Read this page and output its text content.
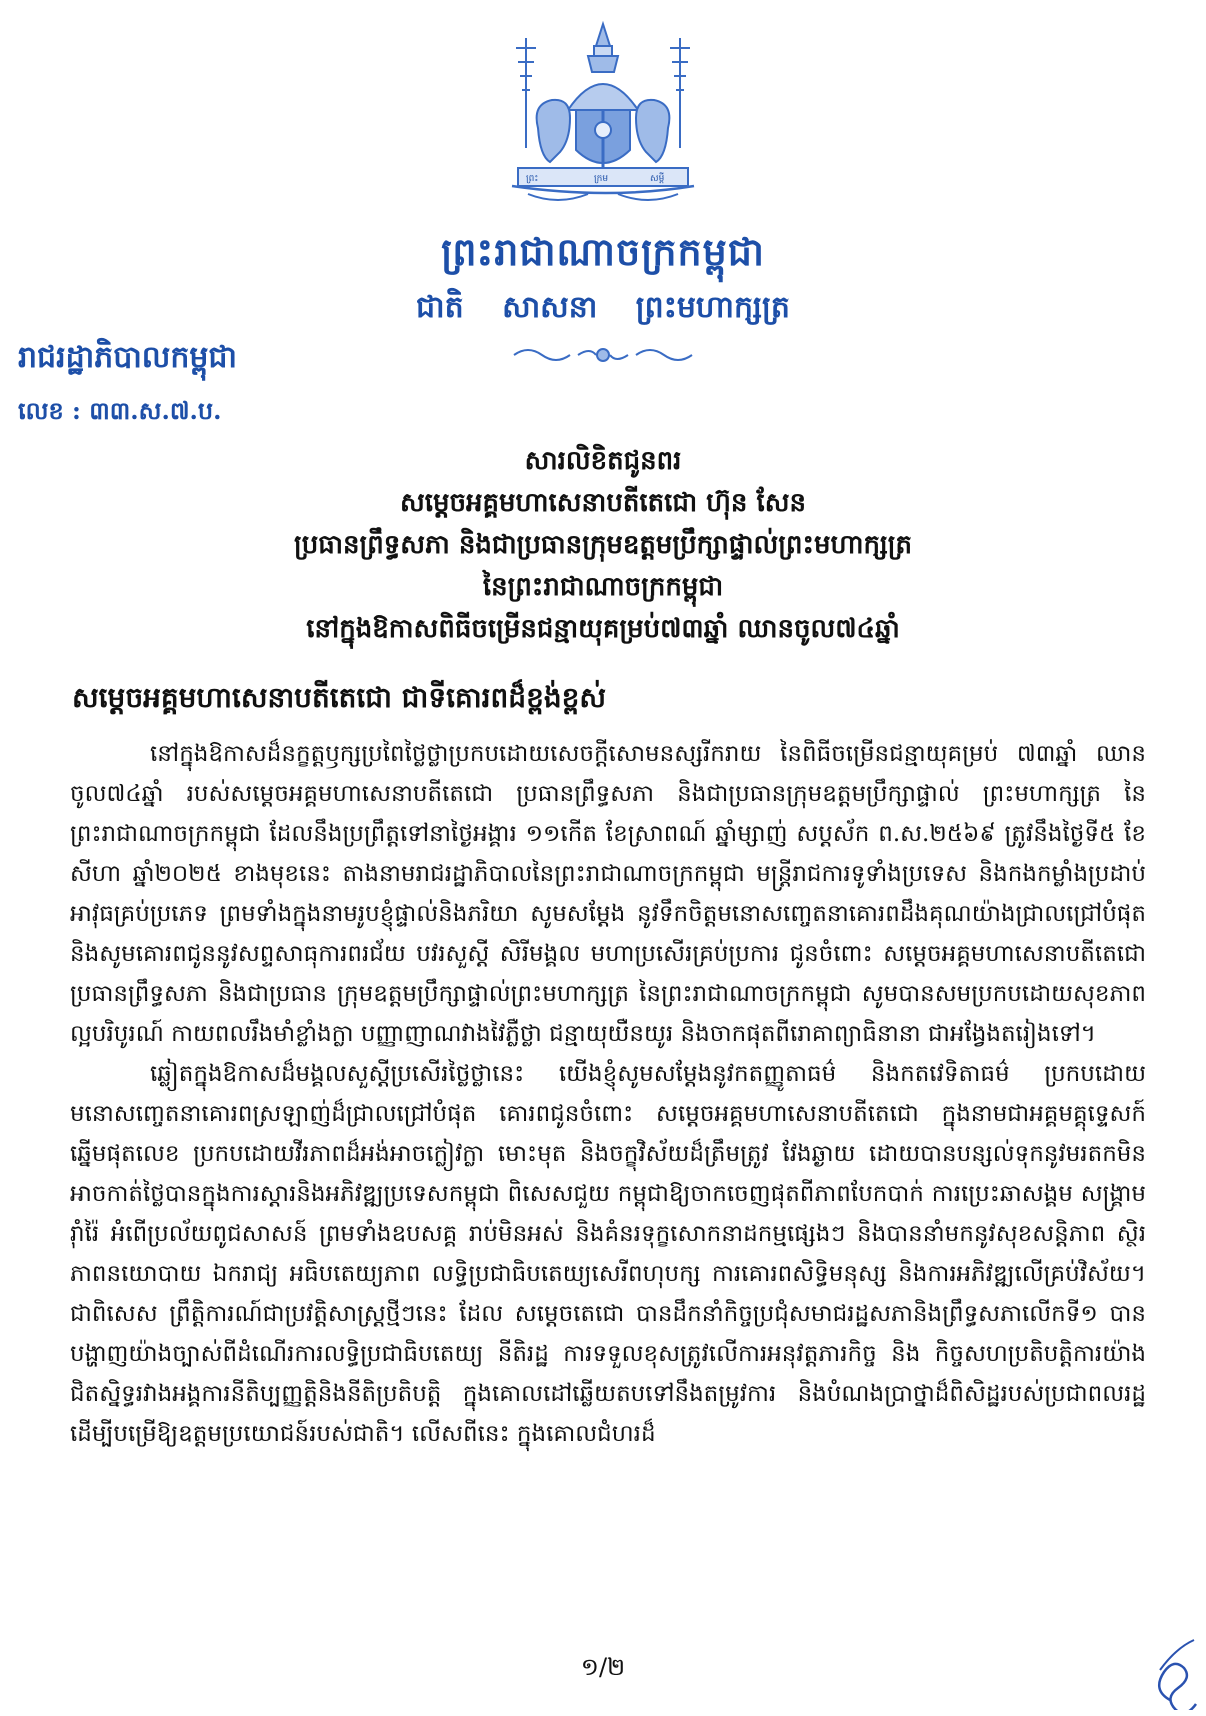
ព្រះ	ក្រម	សម្ដី
ព្រះរាជាណាចក្រកម្ពុជា
ជាតិ សាសនា ព្រះមហាក្សត្រ
រាជរដ្ឋាភិបាលកម្ពុជា
លេខ : ៣៣.ស.៧.ប.
សារលិខិតជូនពរ
សម្ដេចអគ្គមហាសេនាបតីតេជោ ហ៊ុន សែន
ប្រធានព្រឹទ្ធសភា និងជាប្រធានក្រុមឧត្តមប្រឹក្សាផ្ទាល់ព្រះមហាក្សត្រ
នៃព្រះរាជាណាចក្រកម្ពុជា
នៅក្នុងឱកាសពិធីចម្រើនជន្មាយុគម្រប់៧៣ឆ្នាំ ឈានចូល៧៤ឆ្នាំ
សម្ដេចអគ្គមហាសេនាបតីតេជោ ជាទីគោរពដ៏ខ្ពង់ខ្ពស់

នៅក្នុងឱកាសដ៏នក្ខត្តឫក្សប្រពៃថ្លៃថ្លាប្រកបដោយសេចក្ដីសោមនស្សរីករាយ នៃពិធីចម្រើនជន្មាយុគម្រប់ ៧៣ឆ្នាំ ឈានចូល៧៤ឆ្នាំ របស់សម្ដេចអគ្គមហាសេនាបតីតេជោ ប្រធានព្រឹទ្ធសភា និងជាប្រធានក្រុមឧត្តមប្រឹក្សាផ្ទាល់ ព្រះមហាក្សត្រ នៃព្រះរាជាណាចក្រកម្ពុជា ដែលនឹងប្រព្រឹត្តទៅនាថ្ងៃអង្គារ ១១កើត ខែស្រាពណ៍ ឆ្នាំម្សាញ់ សប្តស័ក ព.ស.២៥៦៩ ត្រូវនឹងថ្ងៃទី៥ ខែសីហា ឆ្នាំ២០២៥ ខាងមុខនេះ តាងនាមរាជរដ្ឋាភិបាលនៃព្រះរាជាណាចក្រកម្ពុជា មន្ត្រីរាជការទូទាំងប្រទេស និងកងកម្លាំងប្រដាប់អាវុធគ្រប់ប្រភេទ ព្រមទាំងក្នុងនាមរូបខ្ញុំផ្ទាល់និងភរិយា សូមសម្ដែង នូវទឹកចិត្តមនោសញ្ចេតនាគោរពដឹងគុណយ៉ាងជ្រាលជ្រៅបំផុត និងសូមគោរពជូននូវសព្ទសាធុការពរជ័យ បវរសួស្តី សិរីមង្គល មហាប្រសើរគ្រប់ប្រការ ជូនចំពោះ សម្ដេចអគ្គមហាសេនាបតីតេជោ ប្រធានព្រឹទ្ធសភា និងជាប្រធាន ក្រុមឧត្តមប្រឹក្សាផ្ទាល់ព្រះមហាក្សត្រ នៃព្រះរាជាណាចក្រកម្ពុជា សូមបានសមប្រកបដោយសុខភាពល្អបរិបូរណ៍ កាយពលរឹងមាំខ្លាំងក្លា បញ្ញាញាណវាងវៃភ្លឺថ្លា ជន្មាយុយឺនយូរ និងចាកផុតពីរោគាព្យាធិនានា ជាអង្វែងតរៀងទៅ។

ឆ្លៀតក្នុងឱកាសដ៏មង្គលសួស្តីប្រសើរថ្លៃថ្លានេះ យើងខ្ញុំសូមសម្ដែងនូវកតញ្ញូតាធម៌ និងកតវេទិតាធម៌ ប្រកបដោយមនោសញ្ចេតនាគោរពស្រឡាញ់ដ៏ជ្រាលជ្រៅបំផុត គោរពជូនចំពោះ សម្ដេចអគ្គមហាសេនាបតីតេជោ ក្នុងនាមជាអគ្គមគ្គុទ្ទេសក៍ឆ្នើមផុតលេខ ប្រកបដោយវីរភាពដ៏អង់អាចក្លៀវក្លា មោះមុត និងចក្ខុវិស័យដ៏ត្រឹមត្រូវ វែងឆ្ងាយ ដោយបានបន្សល់ទុកនូវមរតកមិនអាចកាត់ថ្លៃបានក្នុងការស្តារនិងអភិវឌ្ឍប្រទេសកម្ពុជា ពិសេសជួយ កម្ពុជាឱ្យចាកចេញផុតពីភាពបែកបាក់ ការប្រេះឆាសង្គម សង្គ្រាមរ៉ាំរ៉ៃ អំពើប្រល័យពូជសាសន៍ ព្រមទាំងឧបសគ្គ រាប់មិនអស់ និងគំនរទុក្ខសោកនាដកម្មផ្សេងៗ និងបាននាំមកនូវសុខសន្តិភាព ស្ថិរភាពនយោបាយ ឯករាជ្យ អធិបតេយ្យភាព លទ្ធិប្រជាធិបតេយ្យសេរីពហុបក្ស ការគោរពសិទ្ធិមនុស្ស និងការអភិវឌ្ឍលើគ្រប់វិស័យ។ ជាពិសេស ព្រឹត្តិការណ៍ជាប្រវត្តិសាស្ត្រថ្មីៗនេះ ដែល សម្ដេចតេជោ បានដឹកនាំកិច្ចប្រជុំសមាជរដ្ឋសភានិងព្រឹទ្ធសភាលើកទី១ បានបង្ហាញយ៉ាងច្បាស់ពីដំណើរការលទ្ធិប្រជាធិបតេយ្យ នីតិរដ្ឋ ការទទួលខុសត្រូវលើការអនុវត្តភារកិច្ច និង កិច្ចសហប្រតិបត្តិការយ៉ាងជិតស្និទ្ធរវាងអង្គការនីតិប្បញ្ញត្តិនិងនីតិប្រតិបត្តិ ក្នុងគោលដៅឆ្លើយតបទៅនឹងតម្រូវការ និងបំណងប្រាថ្នាដ៏ពិសិដ្ឋរបស់ប្រជាពលរដ្ឋ ដើម្បីបម្រើឱ្យឧត្តមប្រយោជន៍របស់ជាតិ។ លើសពីនេះ ក្នុងគោលជំហរដ៏

១/២
